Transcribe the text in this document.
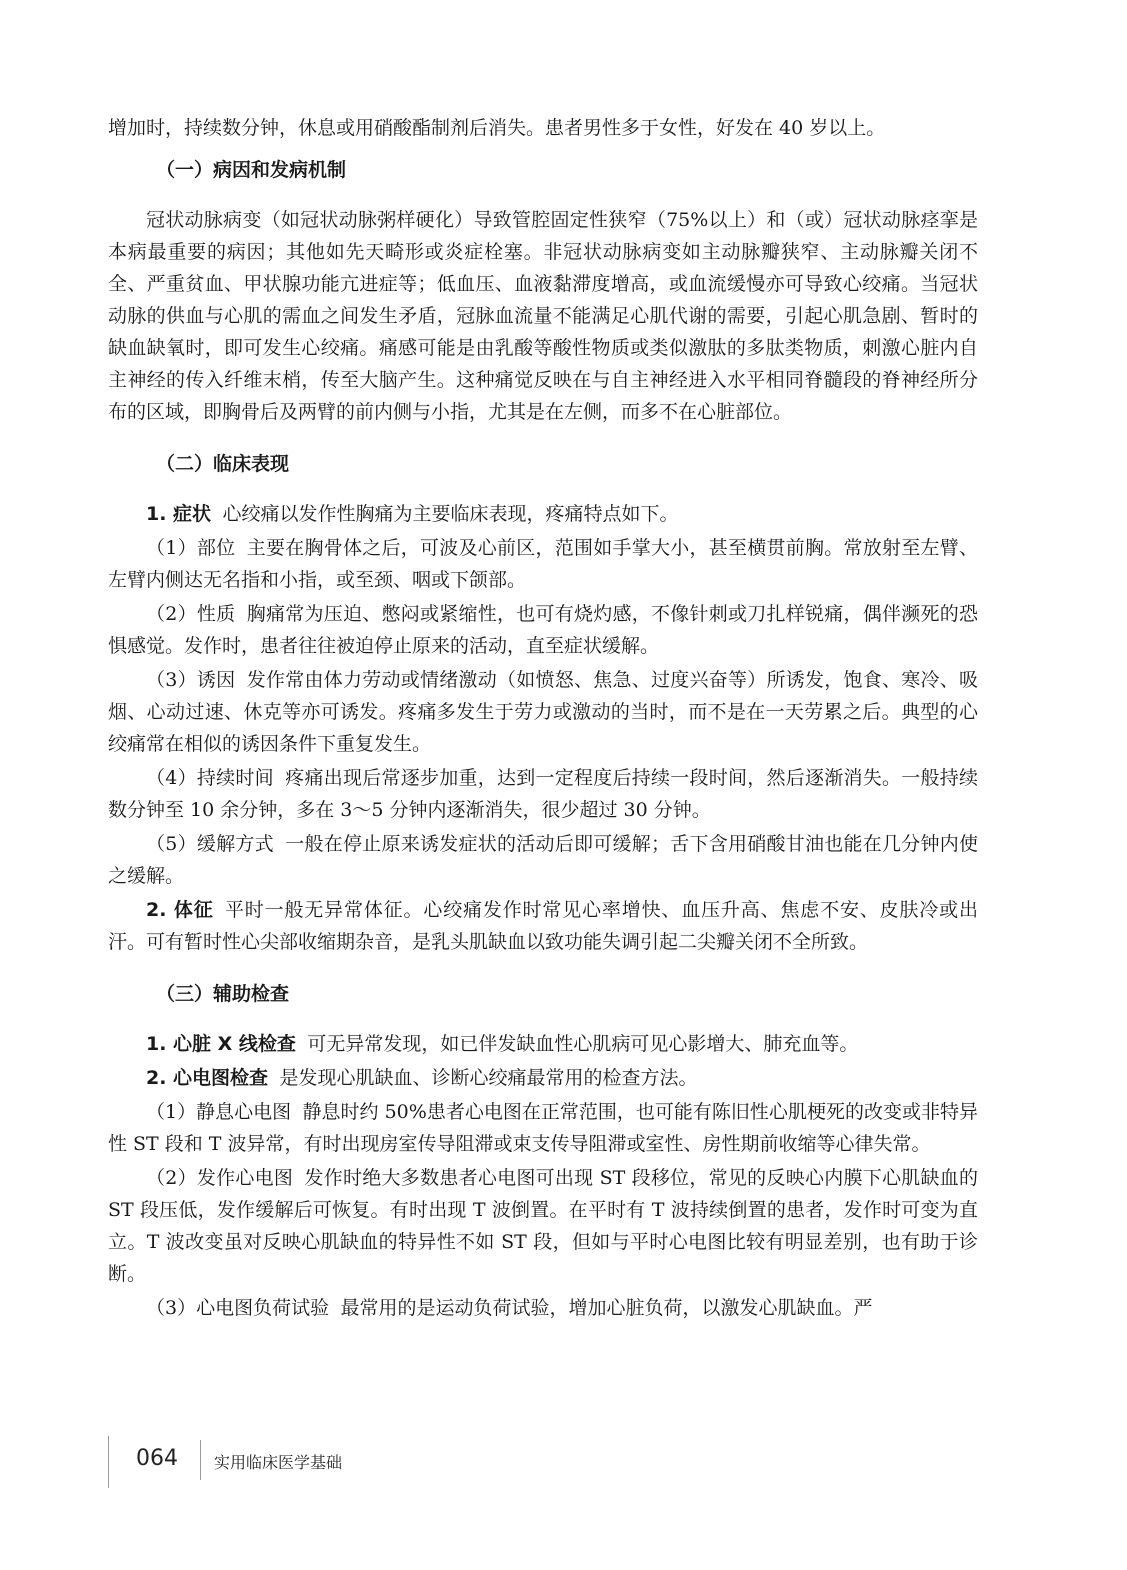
增加时，持续数分钟，休息或用硝酸酯制剂后消失。患者男性多于女性，好发在 40 岁以上。

（一）病因和发病机制

冠状动脉病变（如冠状动脉粥样硬化）导致管腔固定性狭窄（75%以上）和（或）冠状动脉痉挛是本病最重要的病因；其他如先天畸形或炎症栓塞。非冠状动脉病变如主动脉瓣狭窄、主动脉瓣关闭不全、严重贫血、甲状腺功能亢进症等；低血压、血液黏滞度增高，或血流缓慢亦可导致心绞痛。当冠状动脉的供血与心肌的需血之间发生矛盾，冠脉血流量不能满足心肌代谢的需要，引起心肌急剧、暂时的缺血缺氧时，即可发生心绞痛。痛感可能是由乳酸等酸性物质或类似激肽的多肽类物质，刺激心脏内自主神经的传入纤维末梢，传至大脑产生。这种痛觉反映在与自主神经进入水平相同脊髓段的脊神经所分布的区域，即胸骨后及两臂的前内侧与小指，尤其是在左侧，而多不在心脏部位。

（二）临床表现

1. 症状 心绞痛以发作性胸痛为主要临床表现，疼痛特点如下。

（1）部位 主要在胸骨体之后，可波及心前区，范围如手掌大小，甚至横贯前胸。常放射至左臂、左臂内侧达无名指和小指，或至颈、咽或下颌部。

（2）性质 胸痛常为压迫、憋闷或紧缩性，也可有烧灼感，不像针刺或刀扎样锐痛，偶伴濒死的恐惧感觉。发作时，患者往往被迫停止原来的活动，直至症状缓解。

（3）诱因 发作常由体力劳动或情绪激动（如愤怒、焦急、过度兴奋等）所诱发，饱食、寒冷、吸烟、心动过速、休克等亦可诱发。疼痛多发生于劳力或激动的当时，而不是在一天劳累之后。典型的心绞痛常在相似的诱因条件下重复发生。

（4）持续时间 疼痛出现后常逐步加重，达到一定程度后持续一段时间，然后逐渐消失。一般持续数分钟至 10 余分钟，多在 3～5 分钟内逐渐消失，很少超过 30 分钟。

（5）缓解方式 一般在停止原来诱发症状的活动后即可缓解；舌下含用硝酸甘油也能在几分钟内使之缓解。

2. 体征 平时一般无异常体征。心绞痛发作时常见心率增快、血压升高、焦虑不安、皮肤冷或出汗。可有暂时性心尖部收缩期杂音，是乳头肌缺血以致功能失调引起二尖瓣关闭不全所致。

（三）辅助检查

1. 心脏 X 线检查 可无异常发现，如已伴发缺血性心肌病可见心影增大、肺充血等。

2. 心电图检查 是发现心肌缺血、诊断心绞痛最常用的检查方法。

（1）静息心电图 静息时约 50%患者心电图在正常范围，也可能有陈旧性心肌梗死的改变或非特异性 ST 段和 T 波异常，有时出现房室传导阻滞或束支传导阻滞或室性、房性期前收缩等心律失常。

（2）发作心电图 发作时绝大多数患者心电图可出现 ST 段移位，常见的反映心内膜下心肌缺血的 ST 段压低，发作缓解后可恢复。有时出现 T 波倒置。在平时有 T 波持续倒置的患者，发作时可变为直立。T 波改变虽对反映心肌缺血的特异性不如 ST 段，但如与平时心电图比较有明显差别，也有助于诊断。

（3）心电图负荷试验 最常用的是运动负荷试验，增加心脏负荷，以激发心肌缺血。严

064 实用临床医学基础
